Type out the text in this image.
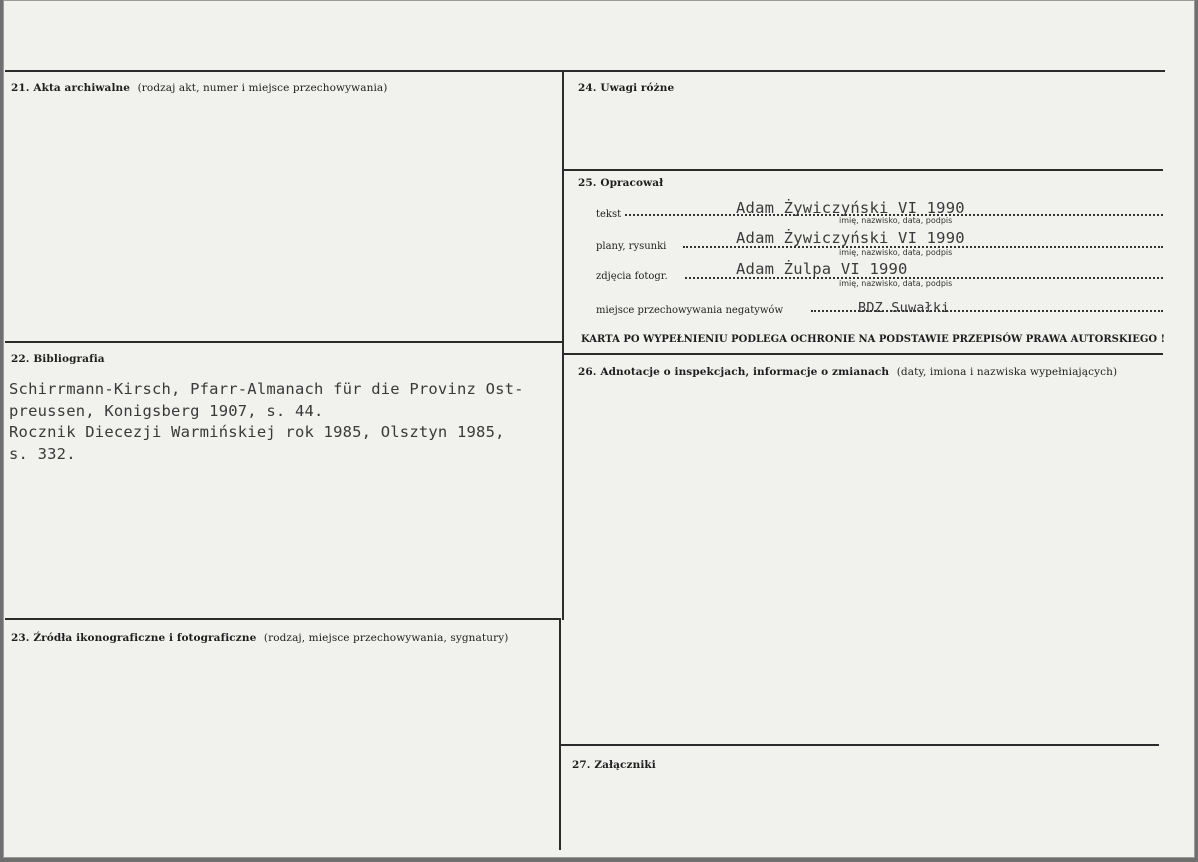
21. Akta archiwalne (rodzaj akt, numer i miejsce przechowywania)
22. Bibliografia
Schirrmann-Kirsch, Pfarr-Almanach für die Provinz Ost-
preussen, Konigsberg 1907, s. 44.
Rocznik Diecezji Warmińskiej rok 1985, Olsztyn 1985,
s. 332.
23. Źródła ikonograficzne i fotograficzne (rodzaj, miejsce przechowywania, sygnatury)
24. Uwagi różne
25. Opracował
tekst	Adam Żywiczyński VI 1990
imię, nazwisko, data, podpis
plany, rysunki	Adam Żywiczyński VI 1990
imię, nazwisko, data, podpis
zdjęcia fotogr.	Adam Żulpa VI 1990
imię, nazwisko, data, podpis
miejsce przechowywania negatywów	BDZ Suwałki
KARTA PO WYPEŁNIENIU PODLEGA OCHRONIE NA PODSTAWIE PRZEPISÓW PRAWA AUTORSKIEGO !
26. Adnotacje o inspekcjach, informacje o zmianach (daty, imiona i nazwiska wypełniających)
27. Załączniki
